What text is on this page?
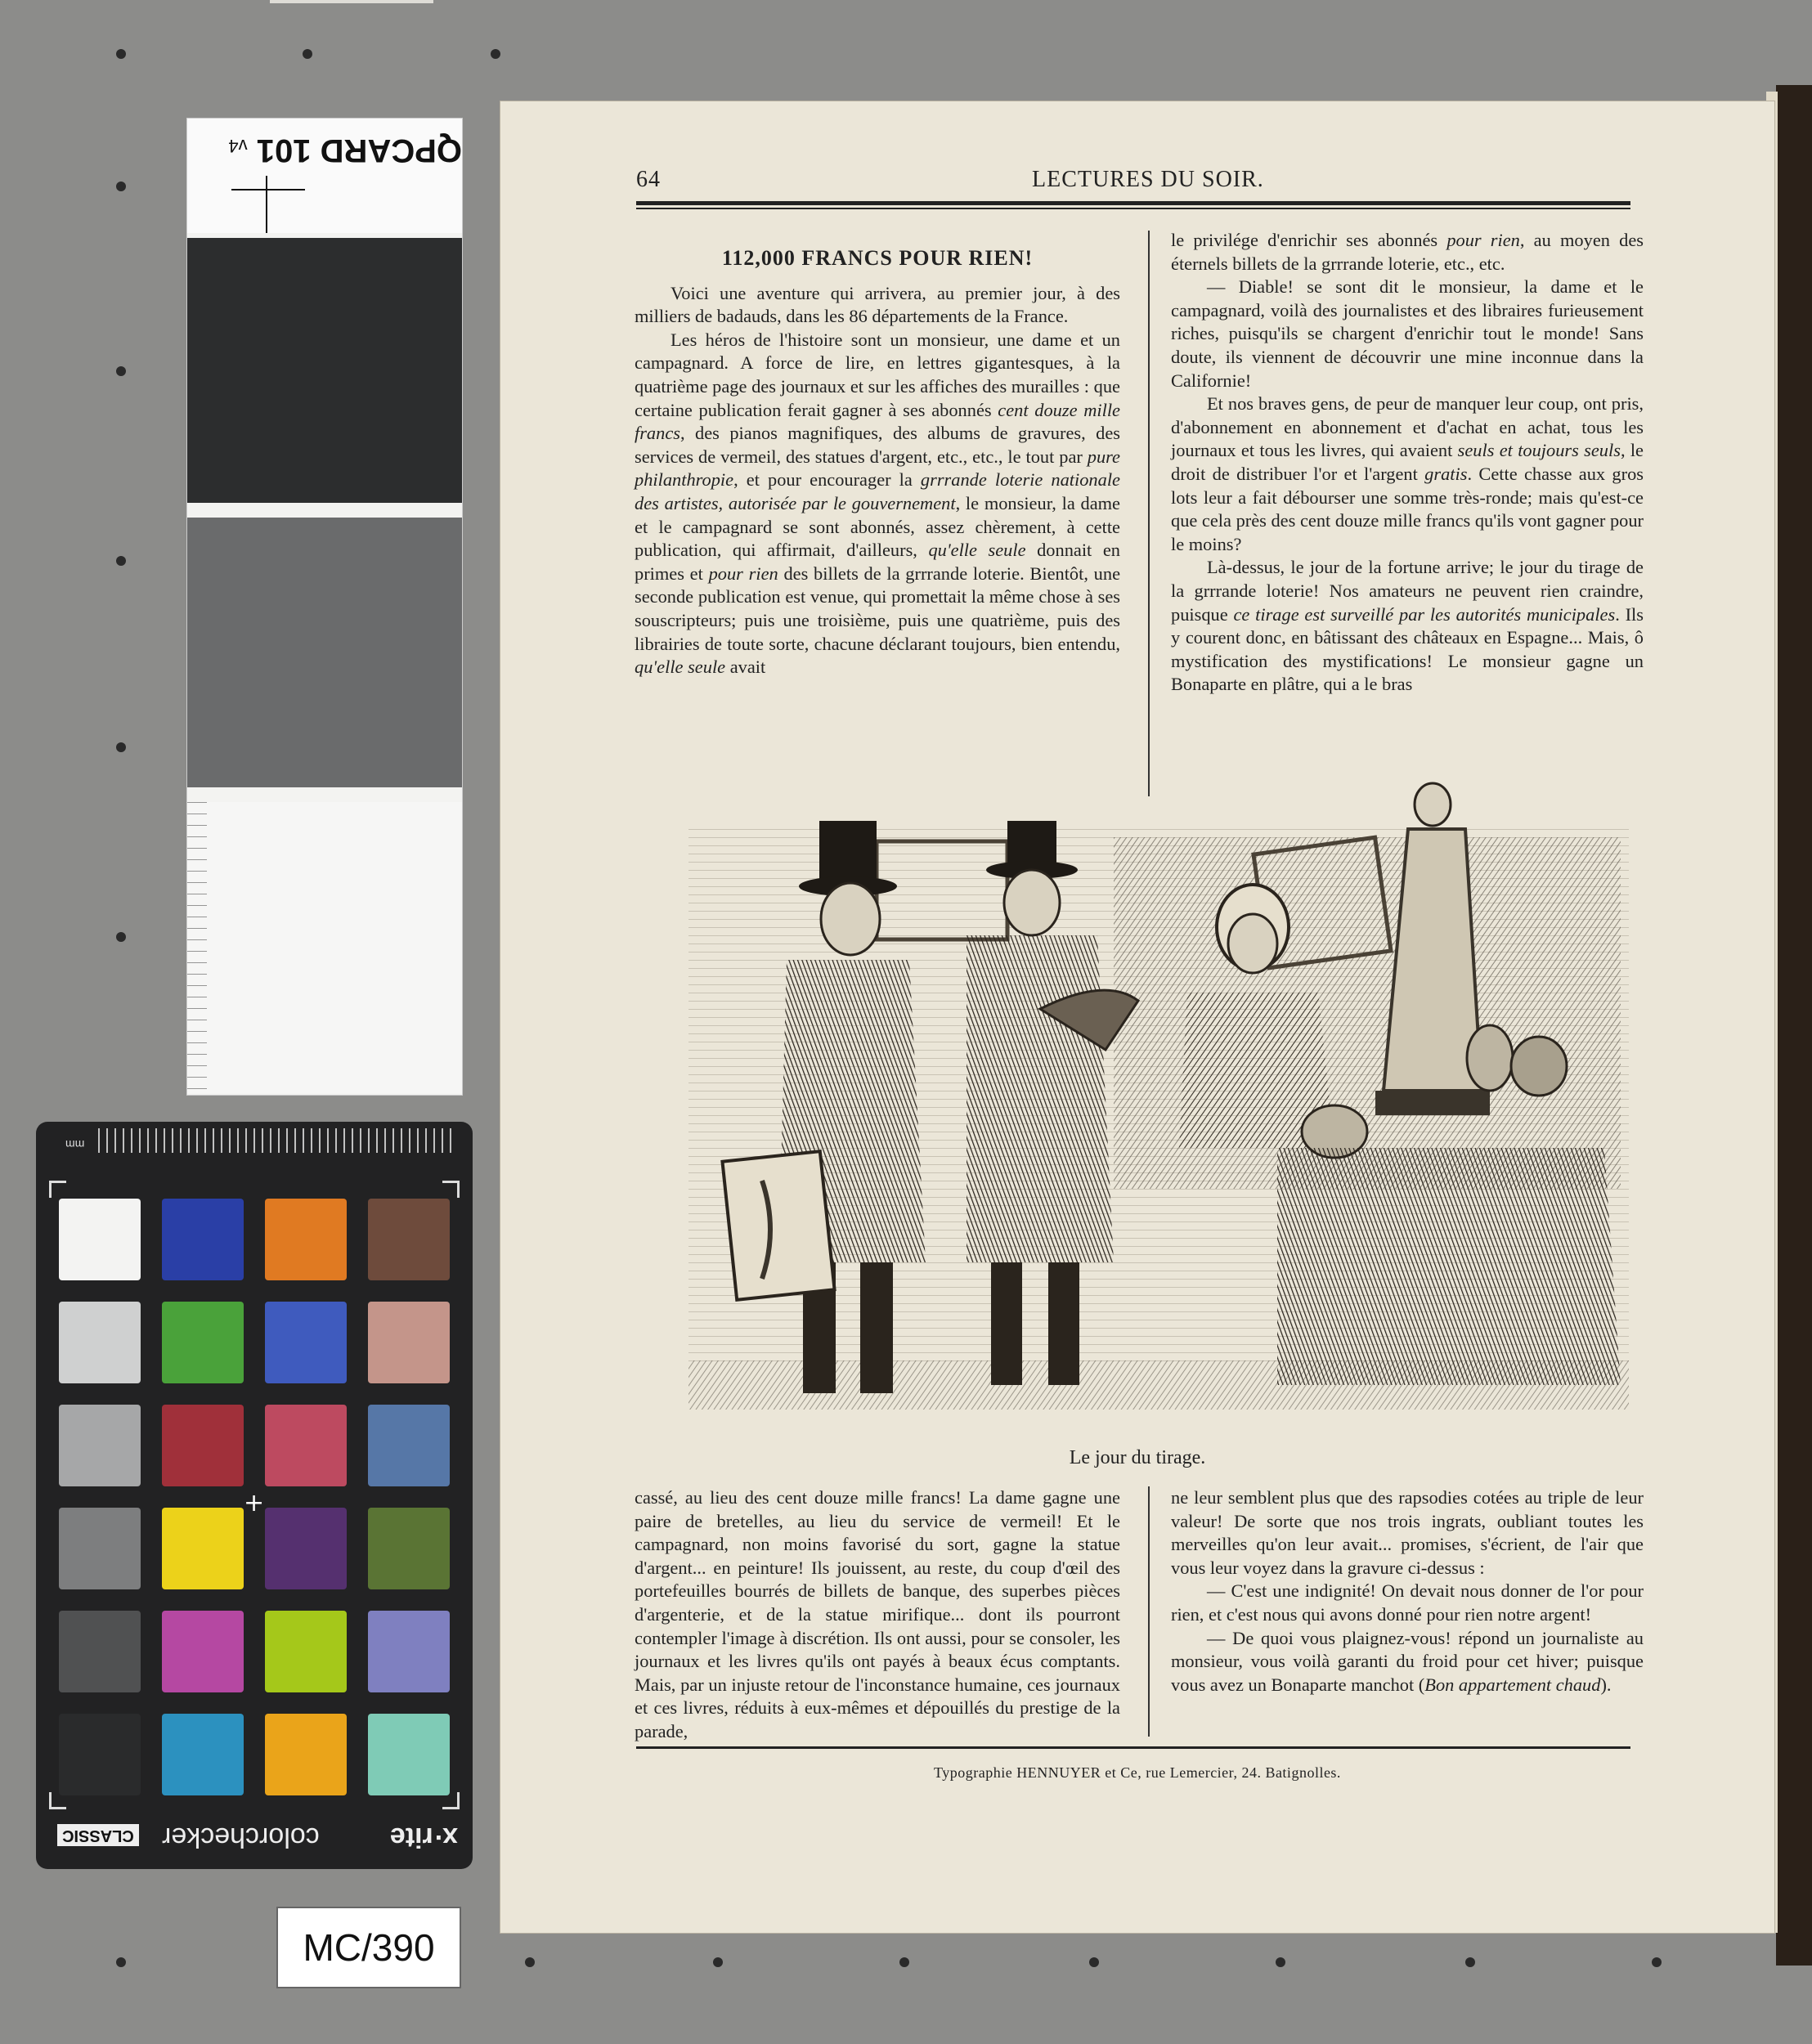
QPCARD 101 v4
mm
+
x·rite
colorchecker
CLASSIC
MC/390
64	LECTURES DU SOIR.

112,000 FRANCS POUR RIEN!

Voici une aventure qui arrivera, au premier jour, à des milliers de badauds, dans les 86 départements de la France.

Les héros de l'histoire sont un monsieur, une dame et un campagnard. A force de lire, en lettres gigantesques, à la quatrième page des journaux et sur les affiches des murailles : que certaine publication ferait gagner à ses abonnés cent douze mille francs, des pianos magnifiques, des albums de gravures, des services de vermeil, des statues d'argent, etc., etc., le tout par pure philanthropie, et pour encourager la grrrande loterie nationale des artistes, autorisée par le gouvernement, le monsieur, la dame et le campagnard se sont abonnés, assez chèrement, à cette publication, qui affirmait, d'ailleurs, qu'elle seule donnait en primes et pour rien des billets de la grrrande loterie. Bientôt, une seconde publication est venue, qui promettait la même chose à ses souscripteurs; puis une troisième, puis une quatrième, puis des librairies de toute sorte, chacune déclarant toujours, bien entendu, qu'elle seule avait

le privilége d'enrichir ses abonnés pour rien, au moyen des éternels billets de la grrrande loterie, etc., etc.

— Diable! se sont dit le monsieur, la dame et le campagnard, voilà des journalistes et des libraires furieusement riches, puisqu'ils se chargent d'enrichir tout le monde! Sans doute, ils viennent de découvrir une mine inconnue dans la Californie!

Et nos braves gens, de peur de manquer leur coup, ont pris, d'abonnement en abonnement et d'achat en achat, tous les journaux et tous les livres, qui avaient seuls et toujours seuls, le droit de distribuer l'or et l'argent gratis. Cette chasse aux gros lots leur a fait débourser une somme très-ronde; mais qu'est-ce que cela près des cent douze mille francs qu'ils vont gagner pour le moins?

Là-dessus, le jour de la fortune arrive; le jour du tirage de la grrrande loterie! Nos amateurs ne peuvent rien craindre, puisque ce tirage est surveillé par les autorités municipales. Ils y courent donc, en bâtissant des châteaux en Espagne... Mais, ô mystification des mystifications! Le monsieur gagne un Bonaparte en plâtre, qui a le bras

Le jour du tirage.

cassé, au lieu des cent douze mille francs! La dame gagne une paire de bretelles, au lieu du service de vermeil! Et le campagnard, non moins favorisé du sort, gagne la statue d'argent... en peinture! Ils jouissent, au reste, du coup d'œil des portefeuilles bourrés de billets de banque, des superbes pièces d'argenterie, et de la statue mirifique... dont ils pourront contempler l'image à discrétion. Ils ont aussi, pour se consoler, les journaux et les livres qu'ils ont payés à beaux écus comptants. Mais, par un injuste retour de l'inconstance humaine, ces journaux et ces livres, réduits à eux-mêmes et dépouillés du prestige de la parade,

ne leur semblent plus que des rapsodies cotées au triple de leur valeur! De sorte que nos trois ingrats, oubliant toutes les merveilles qu'on leur avait... promises, s'écrient, de l'air que vous leur voyez dans la gravure ci-dessus :

— C'est une indignité! On devait nous donner de l'or pour rien, et c'est nous qui avons donné pour rien notre argent!

— De quoi vous plaignez-vous! répond un journaliste au monsieur, vous voilà garanti du froid pour cet hiver; puisque vous avez un Bonaparte manchot (Bon appartement chaud).

Typographie HENNUYER et Ce, rue Lemercier, 24. Batignolles.
